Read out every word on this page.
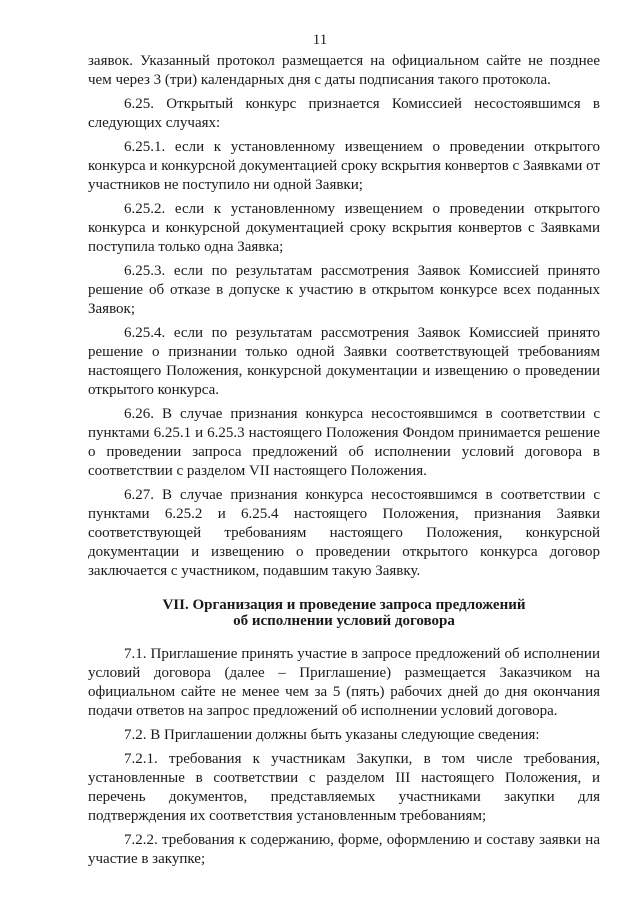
11

заявок. Указанный протокол размещается на официальном сайте не позднее чем через 3 (три) календарных дня с даты подписания такого протокола.

6.25. Открытый конкурс признается Комиссией несостоявшимся в следующих случаях:

6.25.1. если к установленному извещением о проведении открытого конкурса и конкурсной документацией сроку вскрытия конвертов с Заявками от участников не поступило ни одной Заявки;

6.25.2. если к установленному извещением о проведении открытого конкурса и конкурсной документацией сроку вскрытия конвертов с Заявками поступила только одна Заявка;

6.25.3. если по результатам рассмотрения Заявок Комиссией принято решение об отказе в допуске к участию в открытом конкурсе всех поданных Заявок;

6.25.4. если по результатам рассмотрения Заявок Комиссией принято решение о признании только одной Заявки соответствующей требованиям настоящего Положения, конкурсной документации и извещению о проведении открытого конкурса.

6.26. В случае признания конкурса несостоявшимся в соответствии с пунктами 6.25.1 и 6.25.3 настоящего Положения Фондом принимается решение о проведении запроса предложений об исполнении условий договора в соответствии с разделом VII настоящего Положения.

6.27. В случае признания конкурса несостоявшимся в соответствии с пунктами 6.25.2 и 6.25.4 настоящего Положения, признания Заявки соответствующей требованиям настоящего Положения, конкурсной документации и извещению о проведении открытого конкурса договор заключается с участником, подавшим такую Заявку.

VII. Организация и проведение запроса предложений
об исполнении условий договора

7.1. Приглашение принять участие в запросе предложений об исполнении условий договора (далее – Приглашение) размещается Заказчиком на официальном сайте не менее чем за 5 (пять) рабочих дней до дня окончания подачи ответов на запрос предложений об исполнении условий договора.

7.2. В Приглашении должны быть указаны следующие сведения:

7.2.1. требования к участникам Закупки, в том числе требования, установленные в соответствии с разделом III настоящего Положения, и перечень документов, представляемых участниками закупки для подтверждения их соответствия установленным требованиям;

7.2.2. требования к содержанию, форме, оформлению и составу заявки на участие в закупке;
